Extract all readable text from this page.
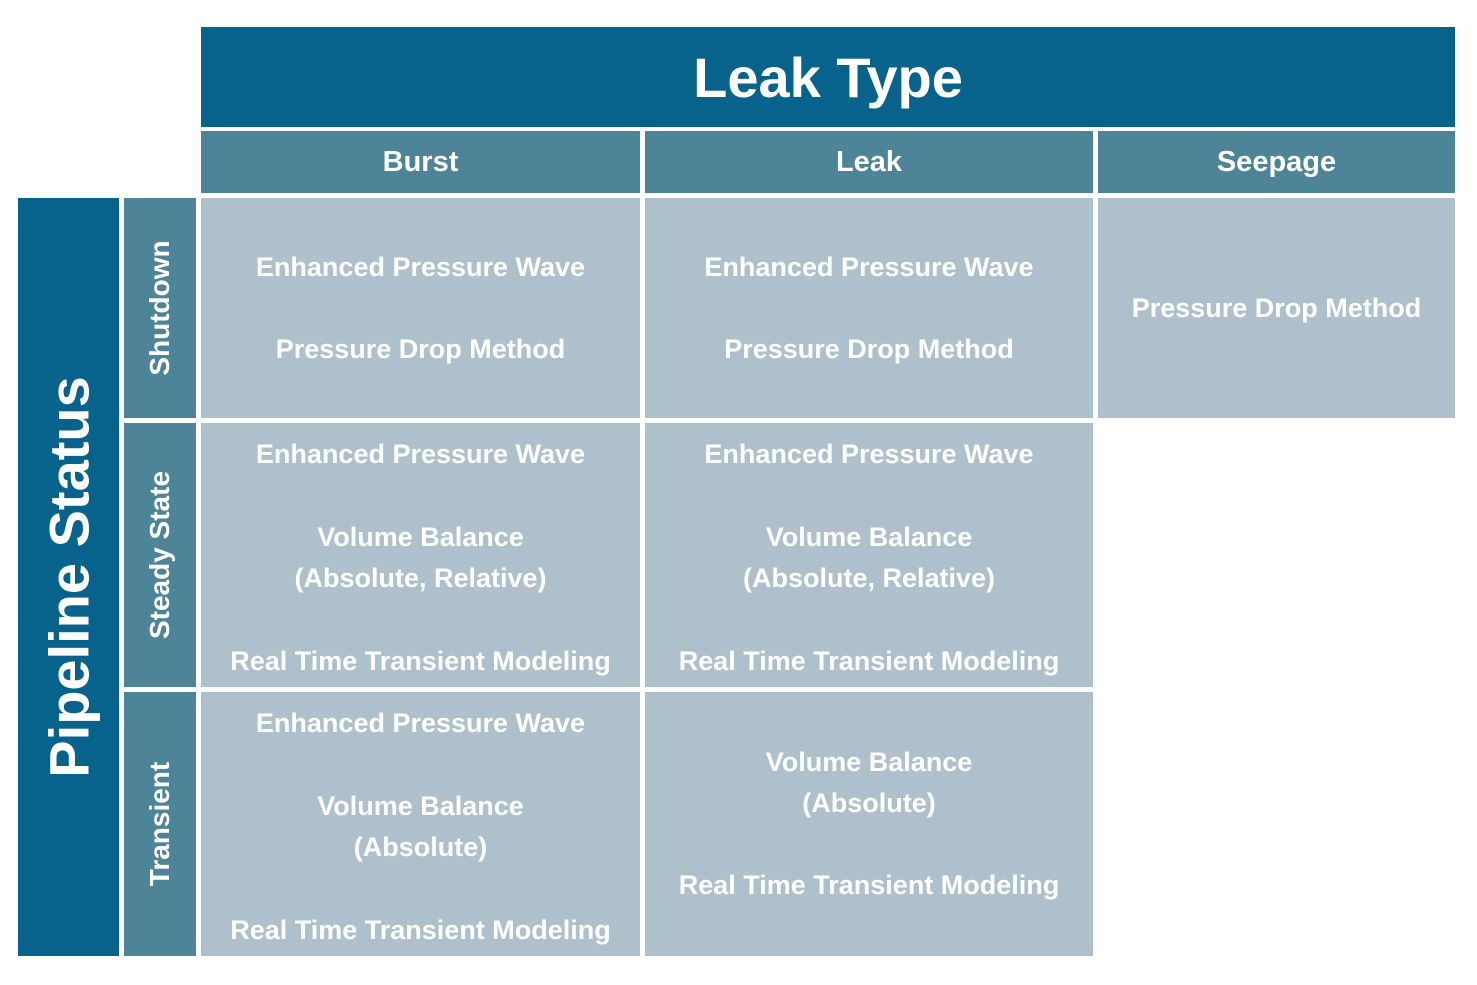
Leak Type
Burst	Leak	Seepage
Pipeline Status
Shutdown
Steady State
Transient
Enhanced Pressure Wave
Pressure Drop Method
Enhanced Pressure Wave
Pressure Drop Method
Pressure Drop Method
Enhanced Pressure Wave
Volume Balance
(Absolute, Relative)
Real Time Transient Modeling
Enhanced Pressure Wave
Volume Balance
(Absolute, Relative)
Real Time Transient Modeling
Enhanced Pressure Wave
Volume Balance
(Absolute)
Real Time Transient Modeling
Volume Balance
(Absolute)
Real Time Transient Modeling
